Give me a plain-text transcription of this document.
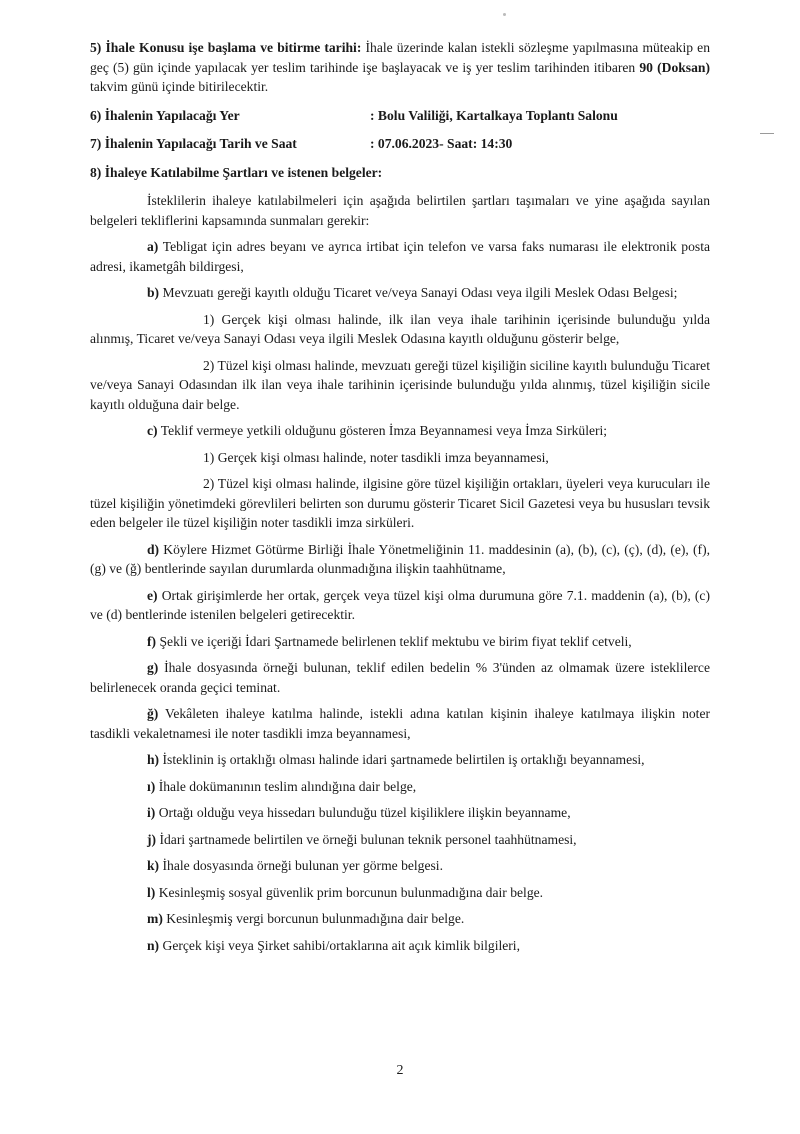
5) İhale Konusu işe başlama ve bitirme tarihi: İhale üzerinde kalan istekli sözleşme yapılmasına müteakip en geç (5) gün içinde yapılacak yer teslim tarihinde işe başlayacak ve iş yer teslim tarihinden itibaren 90 (Doksan) takvim günü içinde bitirilecektir.

6) İhalenin Yapılacağı Yer	: Bolu Valiliği, Kartalkaya Toplantı Salonu
7) İhalenin Yapılacağı Tarih ve Saat	: 07.06.2023- Saat: 14:30

8) İhaleye Katılabilme Şartları ve istenen belgeler:

İsteklilerin ihaleye katılabilmeleri için aşağıda belirtilen şartları taşımaları ve yine aşağıda sayılan belgeleri tekliflerini kapsamında sunmaları gerekir:

a) Tebligat için adres beyanı ve ayrıca irtibat için telefon ve varsa faks numarası ile elektronik posta adresi, ikametgâh bildirgesi,

b) Mevzuatı gereği kayıtlı olduğu Ticaret ve/veya Sanayi Odası veya ilgili Meslek Odası Belgesi;

1) Gerçek kişi olması halinde, ilk ilan veya ihale tarihinin içerisinde bulunduğu yılda alınmış, Ticaret ve/veya Sanayi Odası veya ilgili Meslek Odasına kayıtlı olduğunu gösterir belge,

2) Tüzel kişi olması halinde, mevzuatı gereği tüzel kişiliğin siciline kayıtlı bulunduğu Ticaret ve/veya Sanayi Odasından ilk ilan veya ihale tarihinin içerisinde bulunduğu yılda alınmış, tüzel kişiliğin sicile kayıtlı olduğuna dair belge.

c) Teklif vermeye yetkili olduğunu gösteren İmza Beyannamesi veya İmza Sirküleri;

1) Gerçek kişi olması halinde, noter tasdikli imza beyannamesi,

2) Tüzel kişi olması halinde, ilgisine göre tüzel kişiliğin ortakları, üyeleri veya kurucuları ile tüzel kişiliğin yönetimdeki görevlileri belirten son durumu gösterir Ticaret Sicil Gazetesi veya bu hususları tevsik eden belgeler ile tüzel kişiliğin noter tasdikli imza sirküleri.

d) Köylere Hizmet Götürme Birliği İhale Yönetmeliğinin 11. maddesinin (a), (b), (c), (ç), (d), (e), (f), (g) ve (ğ) bentlerinde sayılan durumlarda olunmadığına ilişkin taahhütname,

e) Ortak girişimlerde her ortak, gerçek veya tüzel kişi olma durumuna göre 7.1. maddenin (a), (b), (c) ve (d) bentlerinde istenilen belgeleri getirecektir.

f) Şekli ve içeriği İdari Şartnamede belirlenen teklif mektubu ve birim fiyat teklif cetveli,

g) İhale dosyasında örneği bulunan, teklif edilen bedelin % 3'ünden az olmamak üzere isteklilerce belirlenecek oranda geçici teminat.

ğ) Vekâleten ihaleye katılma halinde, istekli adına katılan kişinin ihaleye katılmaya ilişkin noter tasdikli vekaletnamesi ile noter tasdikli imza beyannamesi,

h) İsteklinin iş ortaklığı olması halinde idari şartnamede belirtilen iş ortaklığı beyannamesi,

ı) İhale dokümanının teslim alındığına dair belge,

i) Ortağı olduğu veya hissedarı bulunduğu tüzel kişiliklere ilişkin beyanname,

j) İdari şartnamede belirtilen ve örneği bulunan teknik personel taahhütnamesi,

k) İhale dosyasında örneği bulunan yer görme belgesi.

l) Kesinleşmiş sosyal güvenlik prim borcunun bulunmadığına dair belge.

m) Kesinleşmiş vergi borcunun bulunmadığına dair belge.

n) Gerçek kişi veya Şirket sahibi/ortaklarına ait açık kimlik bilgileri,

2
